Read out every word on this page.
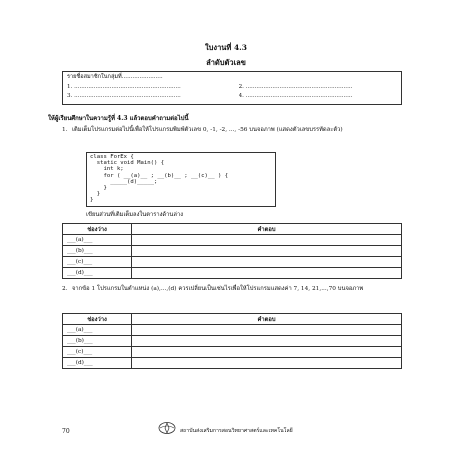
ใบงานที่ 4.3
ลำดับตัวเลข
รายชื่อสมาชิกในกลุ่มที่.......................
1. ............................................................	2. ............................................................
3. ............................................................	4. ............................................................
ให้ผู้เรียนศึกษาในความรู้ที่ 4.3 แล้วตอบคำถามต่อไปนี้
1. เติมเต็มโปรแกรมต่อไปนี้เพื่อให้โปรแกรมพิมพ์ตัวเลข 0, -1, -2, ..., -56 บนจอภาพ (แสดงตัวเลขบรรทัดละตัว)
class ForEx {
static void Main() {
int k;
for ( __(a)__ ; __(b)__ ; __(c)__ ) {
_____(d)_____;
}
}
}
เขียนส่วนที่เติมเต็มลงในตารางด้านล่าง
ช่องว่าง	คำตอบ
___(a)___	
___(b)___	
___(c)___	
___(d)___	
2. จากข้อ 1 โปรแกรมในตำแหน่ง (a),...,(d) ควรเปลี่ยนเป็นเช่นไรเพื่อให้โปรแกรมแสดงค่า 7, 14, 21,...,70 บนจอภาพ
ช่องว่าง	คำตอบ
___(a)___	
___(b)___	
___(c)___	
___(d)___	
70	สถาบันส่งเสริมการสอนวิทยาศาสตร์และเทคโนโลยี
